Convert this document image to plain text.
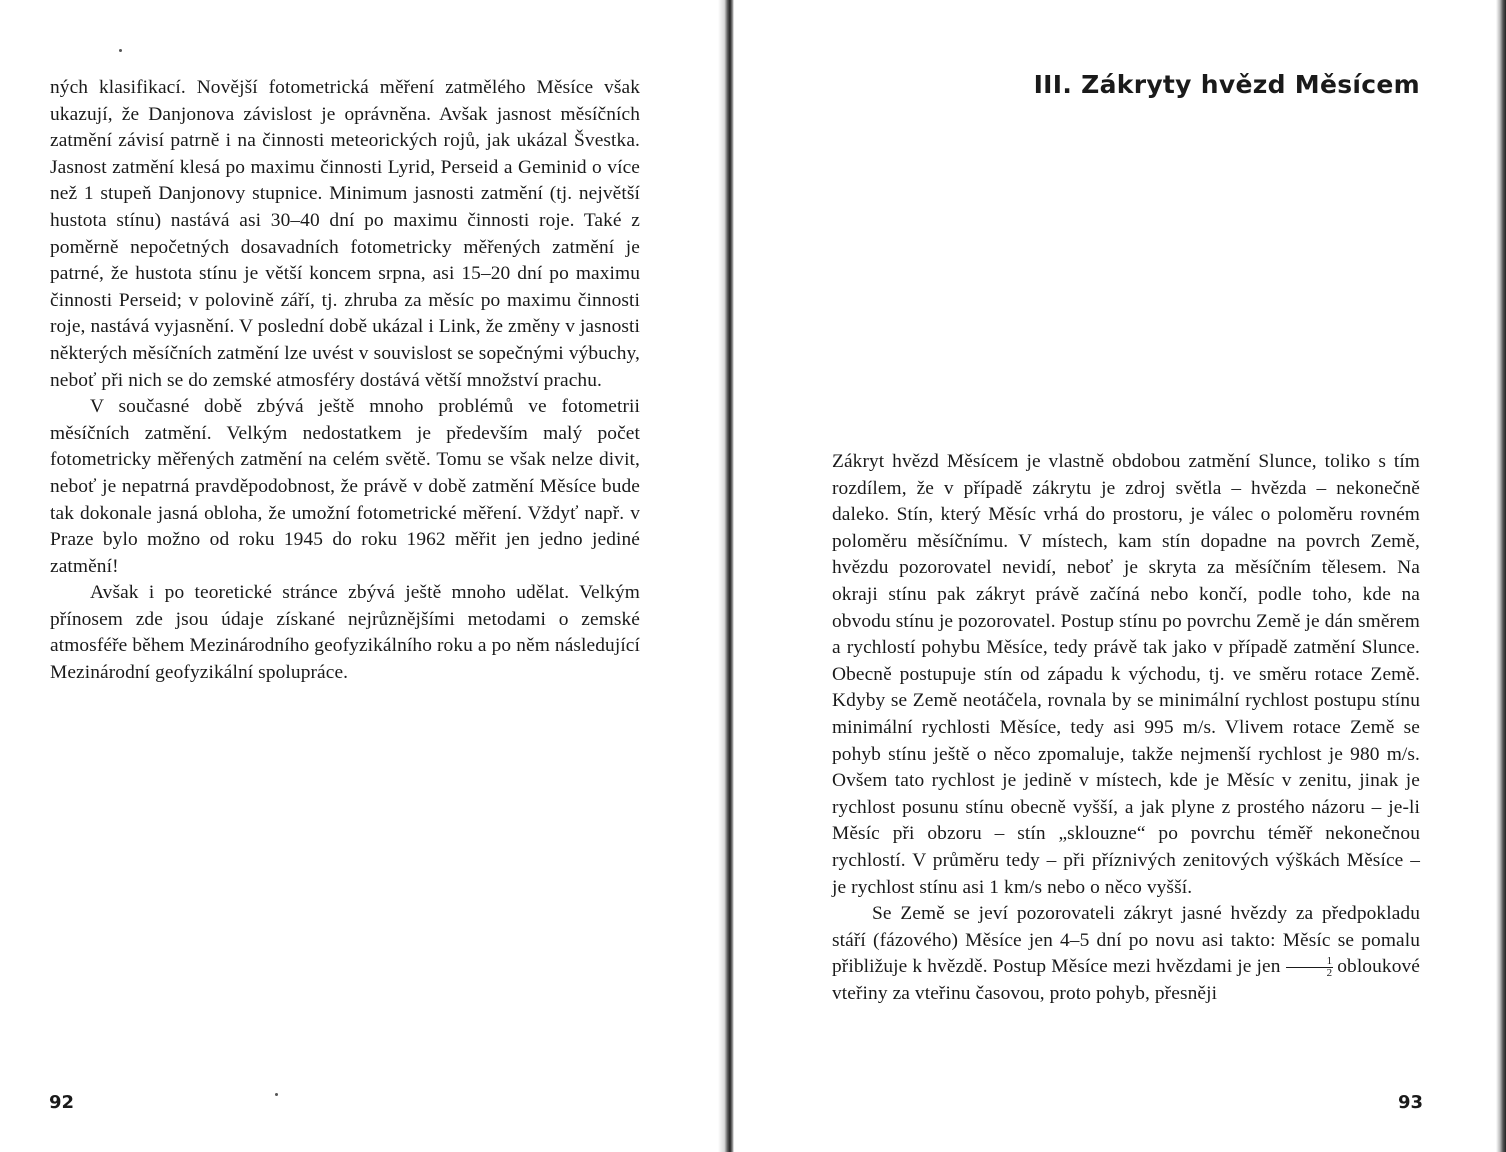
ných klasifikací. Novější fotometrická měření zatmělého Měsíce však ukazují, že Danjonova závislost je oprávněna. Avšak jasnost měsíčních zatmění závisí patrně i na činnosti meteorických rojů, jak ukázal Švestka. Jasnost zatmění klesá po maximu činnosti Lyrid, Perseid a Geminid o více než 1 stupeň Danjonovy stupnice. Minimum jasnosti zatmění (tj. největší hustota stínu) nastává asi 30–40 dní po maximu činnosti roje. Také z poměrně nepočetných dosavadních fotometricky měřených zatmění je patrné, že hustota stínu je větší koncem srpna, asi 15–20 dní po maximu činnosti Perseid; v polovině září, tj. zhruba za měsíc po maximu činnosti roje, nastává vyjasnění. V poslední době ukázal i Link, že změny v jasnosti některých měsíčních zatmění lze uvést v souvislost se sopečnými výbuchy, neboť při nich se do zemské atmosféry dostává větší množství prachu.

V současné době zbývá ještě mnoho problémů ve fotometrii měsíčních zatmění. Velkým nedostatkem je především malý počet fotometricky měřených zatmění na celém světě. Tomu se však nelze divit, neboť je nepatrná pravděpodobnost, že právě v době zatmění Měsíce bude tak dokonale jasná obloha, že umožní fotometrické měření. Vždyť např. v Praze bylo možno od roku 1945 do roku 1962 měřit jen jedno jediné zatmění!

Avšak i po teoretické stránce zbývá ještě mnoho udělat. Velkým přínosem zde jsou údaje získané nejrůznějšími metodami o zemské atmosféře během Mezinárodního geofyzikálního roku a po něm následující Mezinárodní geofyzikální spolupráce.

92
III. Zákryty hvězd Měsícem

Zákryt hvězd Měsícem je vlastně obdobou zatmění Slunce, toliko s tím rozdílem, že v případě zákrytu je zdroj světla – hvězda – nekonečně daleko. Stín, který Měsíc vrhá do prostoru, je válec o poloměru rovném poloměru měsíčnímu. V místech, kam stín dopadne na povrch Země, hvězdu pozorovatel nevidí, neboť je skryta za měsíčním tělesem. Na okraji stínu pak zákryt právě začíná nebo končí, podle toho, kde na obvodu stínu je pozorovatel. Postup stínu po povrchu Země je dán směrem a rychlostí pohybu Měsíce, tedy právě tak jako v případě zatmění Slunce. Obecně postupuje stín od západu k východu, tj. ve směru rotace Země. Kdyby se Země neotáčela, rovnala by se minimální rychlost postupu stínu minimální rychlosti Měsíce, tedy asi 995 m/s. Vlivem rotace Země se pohyb stínu ještě o něco zpomaluje, takže nejmenší rychlost je 980 m/s. Ovšem tato rychlost je jedině v místech, kde je Měsíc v zenitu, jinak je rychlost posunu stínu obecně vyšší, a jak plyne z prostého názoru – je-li Měsíc při obzoru – stín „sklouzne“ po povrchu téměř nekonečnou rychlostí. V průměru tedy – při příznivých zenitových výškách Měsíce – je rychlost stínu asi 1 km/s nebo o něco vyšší.

Se Země se jeví pozorovateli zákryt jasné hvězdy za předpokladu stáří (fázového) Měsíce jen 4–5 dní po novu asi takto: Měsíc se pomalu přibližuje k hvězdě. Postup Měsíce mezi hvězdami je jen $\frac{1}{2}$ obloukové vteřiny za vteřinu časovou, proto pohyb, přesněji

93
